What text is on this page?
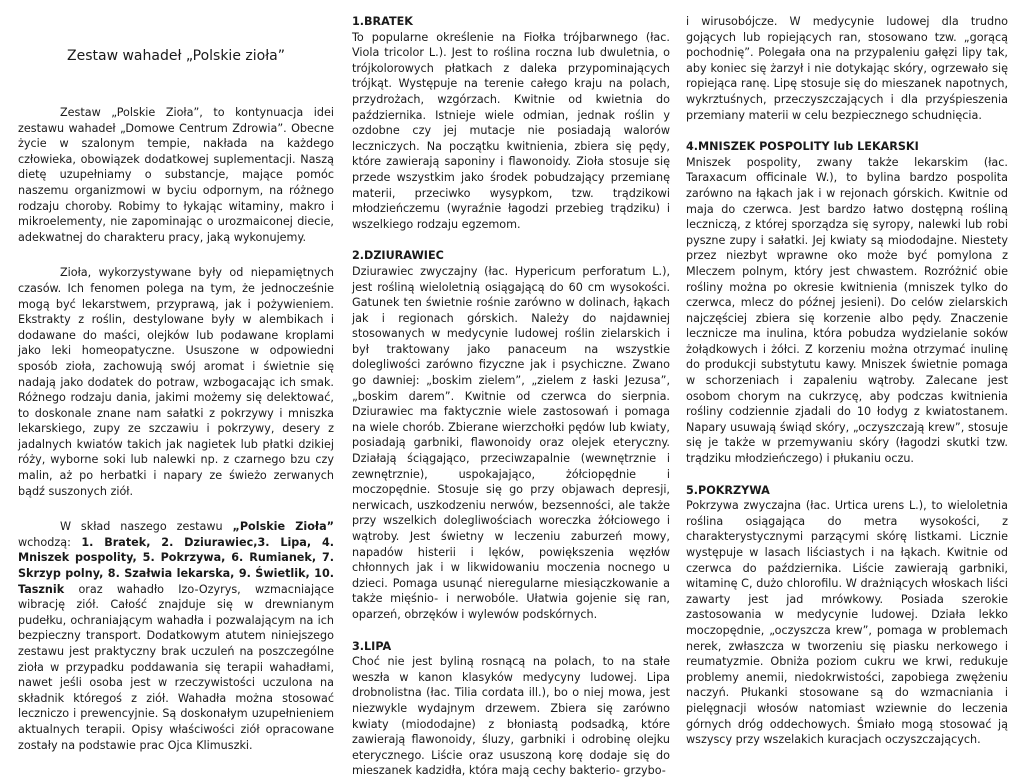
Zestaw wahadeł „Polskie zioła”

Zestaw „Polskie Zioła”, to kontynuacja idei zestawu wahadeł „Domowe Centrum Zdrowia”. Obecne życie w szalonym tempie, nakłada na każdego człowieka, obowiązek dodatkowej suplementacji. Naszą dietę uzupełniamy o substancje, mające pomóc naszemu organizmowi w byciu odpornym, na różnego rodzaju choroby. Robimy to łykając witaminy, makro i mikroelementy, nie zapominając o urozmaiconej diecie, adekwatnej do charakteru pracy, jaką wykonujemy.

Zioła, wykorzystywane były od niepamiętnych czasów. Ich fenomen polega na tym, że jednocześnie mogą być lekarstwem, przyprawą, jak i pożywieniem. Ekstrakty z roślin, destylowane były w alembikach i dodawane do maści, olejków lub podawane kroplami jako leki homeopatyczne. Ususzone w odpowiedni sposób zioła, zachowują swój aromat i świetnie się nadają jako dodatek do potraw, wzbogacając ich smak. Różnego rodzaju dania, jakimi możemy się delektować, to doskonale znane nam sałatki z pokrzywy i mniszka lekarskiego, zupy ze szczawiu i pokrzywy, desery z jadalnych kwiatów takich jak nagietek lub płatki dzikiej róży, wyborne soki lub nalewki np. z czarnego bzu czy malin, aż po herbatki i napary ze świeżo zerwanych bądź suszonych ziół.

W skład naszego zestawu „Polskie Zioła” wchodzą: 1. Bratek, 2. Dziurawiec,3. Lipa, 4. Mniszek pospolity, 5. Pokrzywa, 6. Rumianek, 7. Skrzyp polny, 8. Szałwia lekarska, 9. Świetlik, 10. Tasznik oraz wahadło Izo-Ozyrys, wzmacniające wibrację ziół. Całość znajduje się w drewnianym pudełku, ochraniającym wahadła i pozwalającym na ich bezpieczny transport. Dodatkowym atutem niniejszego zestawu jest praktyczny brak uczuleń na poszczególne zioła w przypadku poddawania się terapii wahadłami, nawet jeśli osoba jest w rzeczywistości uczulona na składnik któregoś z ziół. Wahadła można stosować leczniczo i prewencyjnie. Są doskonałym uzupełnieniem aktualnych terapii. Opisy właściwości ziół opracowane zostały na podstawie prac Ojca Klimuszki.

1.BRATEK

To popularne określenie na Fiołka trójbarwnego (łac. Viola tricolor L.). Jest to roślina roczna lub dwuletnia, o trójkolorowych płatkach z daleka przypominających trójkąt. Występuje na terenie całego kraju na polach, przydrożach, wzgórzach. Kwitnie od kwietnia do października. Istnieje wiele odmian, jednak roślin y ozdobne czy jej mutacje nie posiadają walorów leczniczych. Na początku kwitnienia, zbiera się pędy, które zawierają saponiny i flawonoidy. Zioła stosuje się przede wszystkim jako środek pobudzający przemianę materii, przeciwko wysypkom, tzw. trądzikowi młodzieńczemu (wyraźnie łagodzi przebieg trądziku) i wszelkiego rodzaju egzemom.

2.DZIURAWIEC

Dziurawiec zwyczajny (łac. Hypericum perforatum L.), jest rośliną wieloletnią osiągającą do 60 cm wysokości. Gatunek ten świetnie rośnie zarówno w dolinach, łąkach jak i regionach górskich. Należy do najdawniej stosowanych w medycynie ludowej roślin zielarskich i był traktowany jako panaceum na wszystkie dolegliwości zarówno fizyczne jak i psychiczne. Zwano go dawniej: „boskim zielem”, „zielem z łaski Jezusa”, „boskim darem”. Kwitnie od czerwca do sierpnia. Dziurawiec ma faktycznie wiele zastosowań i pomaga na wiele chorób. Zbierane wierzchołki pędów lub kwiaty, posiadają garbniki, flawonoidy oraz olejek eteryczny. Działają ściągająco, przeciwzapalnie (wewnętrznie i zewnętrznie), uspokajająco, żółciopędnie i moczopędnie. Stosuje się go przy objawach depresji, nerwicach, uszkodzeniu nerwów, bezsenności, ale także przy wszelkich dolegliwościach woreczka żółciowego i wątroby. Jest świetny w leczeniu zaburzeń mowy, napadów histerii i lęków, powiększenia węzłów chłonnych jak i w likwidowaniu moczenia nocnego u dzieci. Pomaga usunąć nieregularne miesiączkowanie a także mięśnio- i nerwobóle. Ułatwia gojenie się ran, oparzeń, obrzęków i wylewów podskórnych.

3.LIPA

Choć nie jest byliną rosnącą na polach, to na stałe weszła w kanon klasyków medycyny ludowej. Lipa drobnolistna (łac. Tilia cordata ill.), bo o niej mowa, jest niezwykle wydajnym drzewem. Zbiera się zarówno kwiaty (miododajne) z błoniastą podsadką, które zawierają flawonoidy, śluzy, garbniki i odrobinę olejku eterycznego. Liście oraz ususzoną korę dodaje się do mieszanek kadzidła, która mają cechy bakterio- grzybo-

i wirusobójcze. W medycynie ludowej dla trudno gojących lub ropiejących ran, stosowano tzw. „gorącą pochodnię”. Polegała ona na przypaleniu gałęzi lipy tak, aby koniec się żarzył i nie dotykając skóry, ogrzewało się ropiejąca ranę. Lipę stosuje się do mieszanek napotnych, wykrztuśnych, przeczyszczających i dla przyśpieszenia przemiany materii w celu bezpiecznego schudnięcia.

4.MNISZEK POSPOLITY lub LEKARSKI

Mniszek pospolity, zwany także lekarskim (łac. Taraxacum officinale W.), to bylina bardzo pospolita zarówno na łąkach jak i w rejonach górskich. Kwitnie od maja do czerwca. Jest bardzo łatwo dostępną rośliną leczniczą, z której sporządza się syropy, nalewki lub robi pyszne zupy i sałatki. Jej kwiaty są miododajne. Niestety przez niezbyt wprawne oko może być pomylona z Mleczem polnym, który jest chwastem. Rozróżnić obie rośliny można po okresie kwitnienia (mniszek tylko do czerwca, mlecz do późnej jesieni). Do celów zielarskich najczęściej zbiera się korzenie albo pędy. Znaczenie lecznicze ma inulina, która pobudza wydzielanie soków żołądkowych i żółci. Z korzeniu można otrzymać inulinę do produkcji substytutu kawy. Mniszek świetnie pomaga w schorzeniach i zapaleniu wątroby. Zalecane jest osobom chorym na cukrzycę, aby podczas kwitnienia rośliny codziennie zjadali do 10 łodyg z kwiatostanem. Napary usuwają świąd skóry, „oczyszczają krew”, stosuje się je także w przemywaniu skóry (łagodzi skutki tzw. trądziku młodzieńczego) i płukaniu oczu.

5.POKRZYWA

Pokrzywa zwyczajna (łac. Urtica urens L.), to wieloletnia roślina osiągająca do metra wysokości, z charakterystycznymi parzącymi skórę listkami. Licznie występuje w lasach liściastych i na łąkach. Kwitnie od czerwca do października. Liście zawierają garbniki, witaminę C, dużo chlorofilu. W drażniących włoskach liści zawarty jest jad mrówkowy. Posiada szerokie zastosowania w medycynie ludowej. Działa lekko moczopędnie, „oczyszcza krew”, pomaga w problemach nerek, zwłaszcza w tworzeniu się piasku nerkowego i reumatyzmie. Obniża poziom cukru we krwi, redukuje problemy anemii, niedokrwistości, zapobiega zwężeniu naczyń. Płukanki stosowane są do wzmacniania i pielęgnacji włosów natomiast wziewnie do leczenia górnych dróg oddechowych. Śmiało mogą stosować ją wszyscy przy wszelakich kuracjach oczyszczających.
